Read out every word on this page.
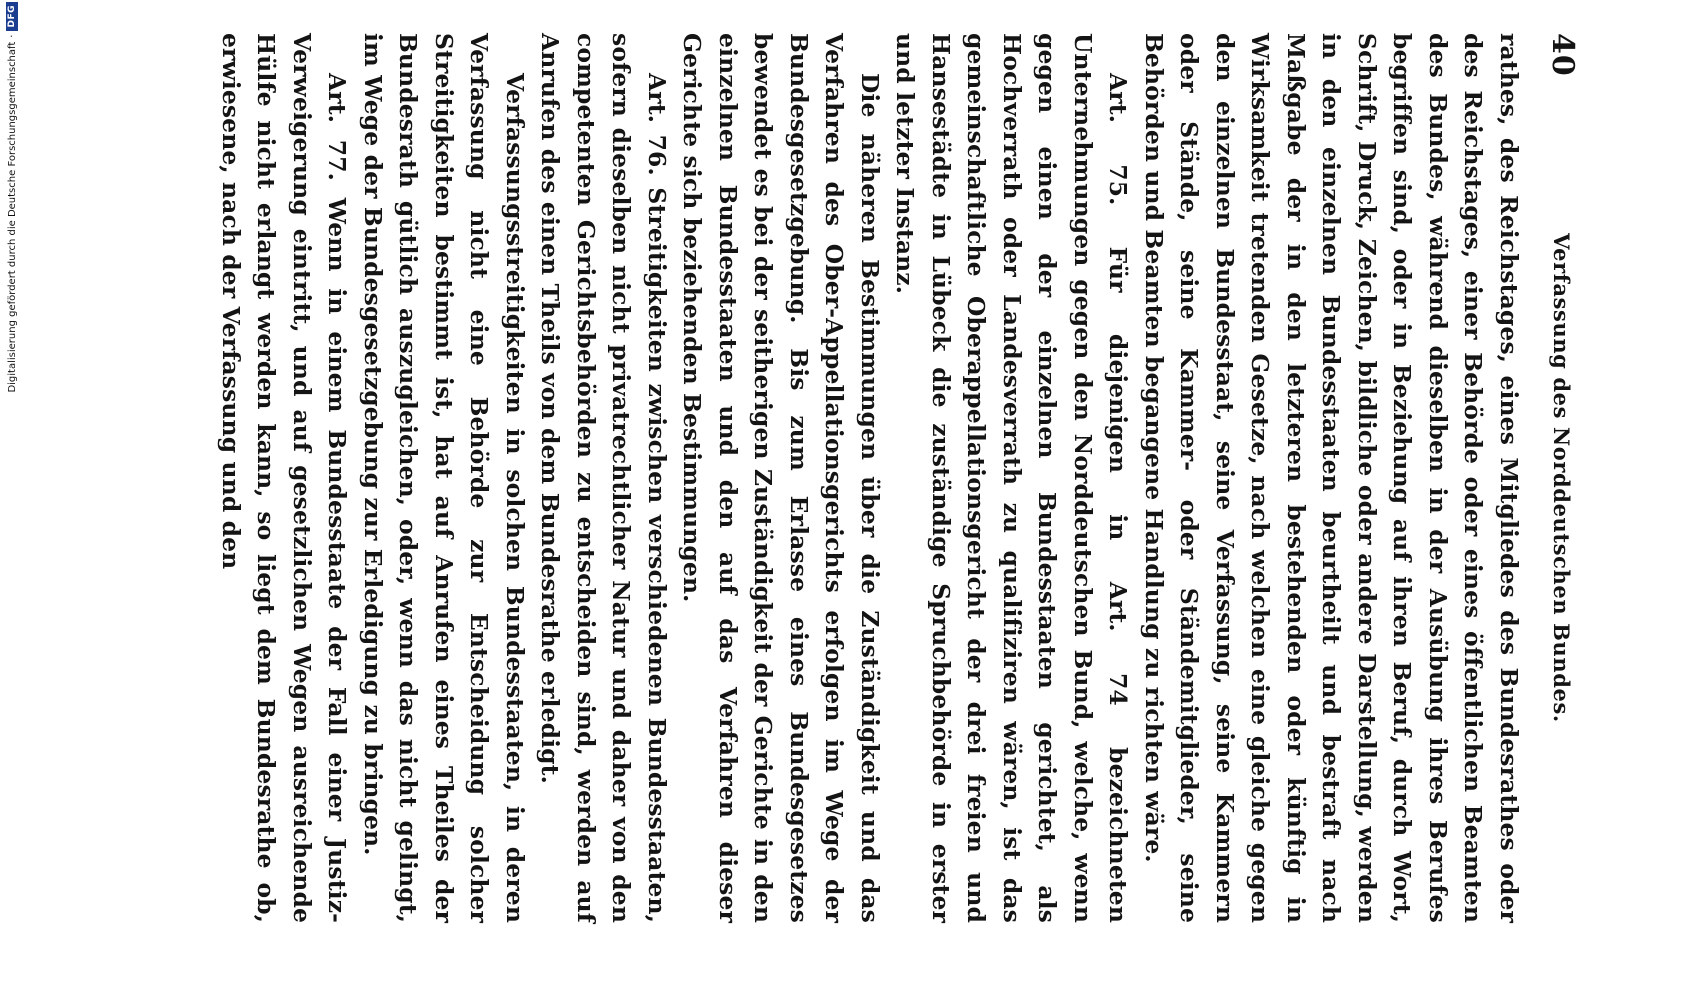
Digitalisierung gefördert durch die Deutsche Forschungsgemeinschaft
·
DFG
40
Verfassung des Norddeutschen Bundes.

rathes, des Reichstages, eines Mitgliedes des Bundesrathes oder des Reichstages, einer Behörde oder eines öffentlichen Beamten des Bundes, während dieselben in der Ausübung ihres Berufes begriffen sind, oder in Beziehung auf ihren Beruf, durch Wort, Schrift, Druck, Zeichen, bildliche oder andere Darstellung, werden in den einzelnen Bundesstaaten beurtheilt und bestraft nach Maßgabe der in den letzteren bestehenden oder künftig in Wirksamkeit tretenden Gesetze, nach welchen eine gleiche gegen den einzelnen Bundesstaat, seine Verfassung, seine Kammern oder Stände, seine Kammer- oder Ständemitglieder, seine Behörden und Beamten begangene Handlung zu richten wäre.

Art. 75. Für diejenigen in Art. 74 bezeichneten Unternehmungen gegen den Norddeutschen Bund, welche, wenn gegen einen der einzelnen Bundesstaaten gerichtet, als Hochverrath oder Landesverrath zu qualifiziren wären, ist das gemeinschaftliche Oberappellationsgericht der drei freien und Hansestädte in Lübeck die zuständige Spruchbehörde in erster und letzter Instanz.

Die näheren Bestimmungen über die Zuständigkeit und das Verfahren des Ober-Appellationsgerichts erfolgen im Wege der Bundesgesetzgebung. Bis zum Erlasse eines Bundesgesetzes bewendet es bei der seitherigen Zuständigkeit der Gerichte in den einzelnen Bundesstaaten und den auf das Verfahren dieser Gerichte sich beziehenden Bestimmungen.

Art. 76. Streitigkeiten zwischen verschiedenen Bundesstaaten, sofern dieselben nicht privatrechtlicher Natur und daher von den competenten Gerichtsbehörden zu entscheiden sind, werden auf Anrufen des einen Theils von dem Bundesrathe erledigt.

Verfassungsstreitigkeiten in solchen Bundesstaaten, in deren Verfassung nicht eine Behörde zur Entscheidung solcher Streitigkeiten bestimmt ist, hat auf Anrufen eines Theiles der Bundesrath gütlich auszugleichen, oder, wenn das nicht gelingt, im Wege der Bundesgesetzgebung zur Erledigung zu bringen.

Art. 77. Wenn in einem Bundesstaate der Fall einer Justiz-Verweigerung eintritt, und auf gesetzlichen Wegen ausreichende Hülfe nicht erlangt werden kann, so liegt dem Bundesrathe ob, erwiesene, nach der Verfassung und den
